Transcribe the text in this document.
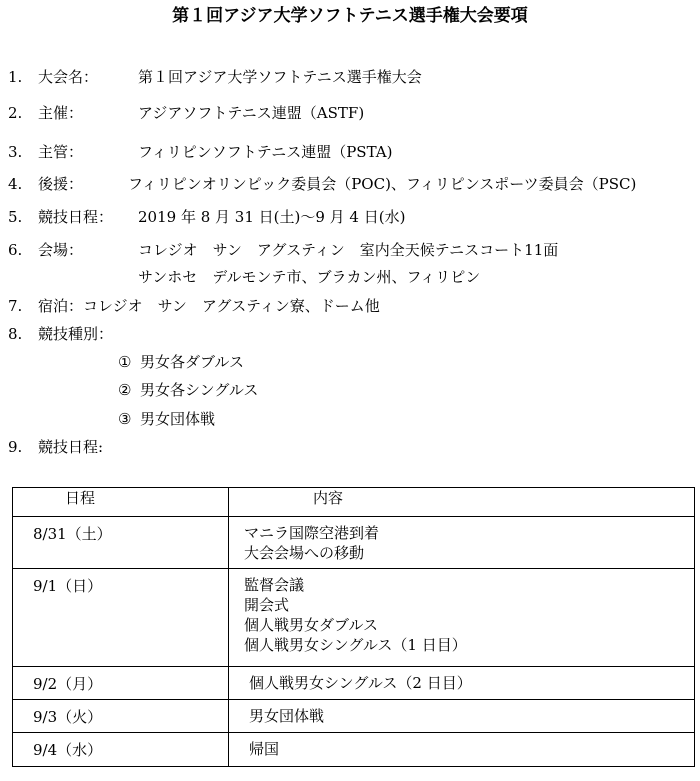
第１回アジア大学ソフトテニス選手権大会要項
1. 大会名：	第１回アジア大学ソフトテニス選手権大会
2. 主催：	アジアソフトテニス連盟（ASTF)
3. 主管：	フィリピンソフトテニス連盟（PSTA)
4. 後援：	フィリピンオリンピック委員会（POC)、フィリピンスポーツ委員会（PSC)
5. 競技日程： 2019 年 8 月 31 日(土)〜9 月 4 日(水)
6. 会場：	コレジオ　サン　アグスティン　室内全天候テニスコート11面
サンホセ　デルモンテ市、ブラカン州、フィリピン
7. 宿泊：コレジオ　サン　アグスティン寮、ドーム他
8. 競技種別：
① 男女各ダブルス
② 男女各シングルス
③ 男女団体戦
9. 競技日程:
日程	内容
8/31（土）	マニラ国際空港到着
大会会場への移動

9/1（日）	監督会議
開会式
個人戦男女ダブルス
個人戦男女シングルス（1 日目）

9/2（月）	個人戦男女シングルス（2 日目）

9/3（火）	男女団体戦

9/4（水）	帰国
